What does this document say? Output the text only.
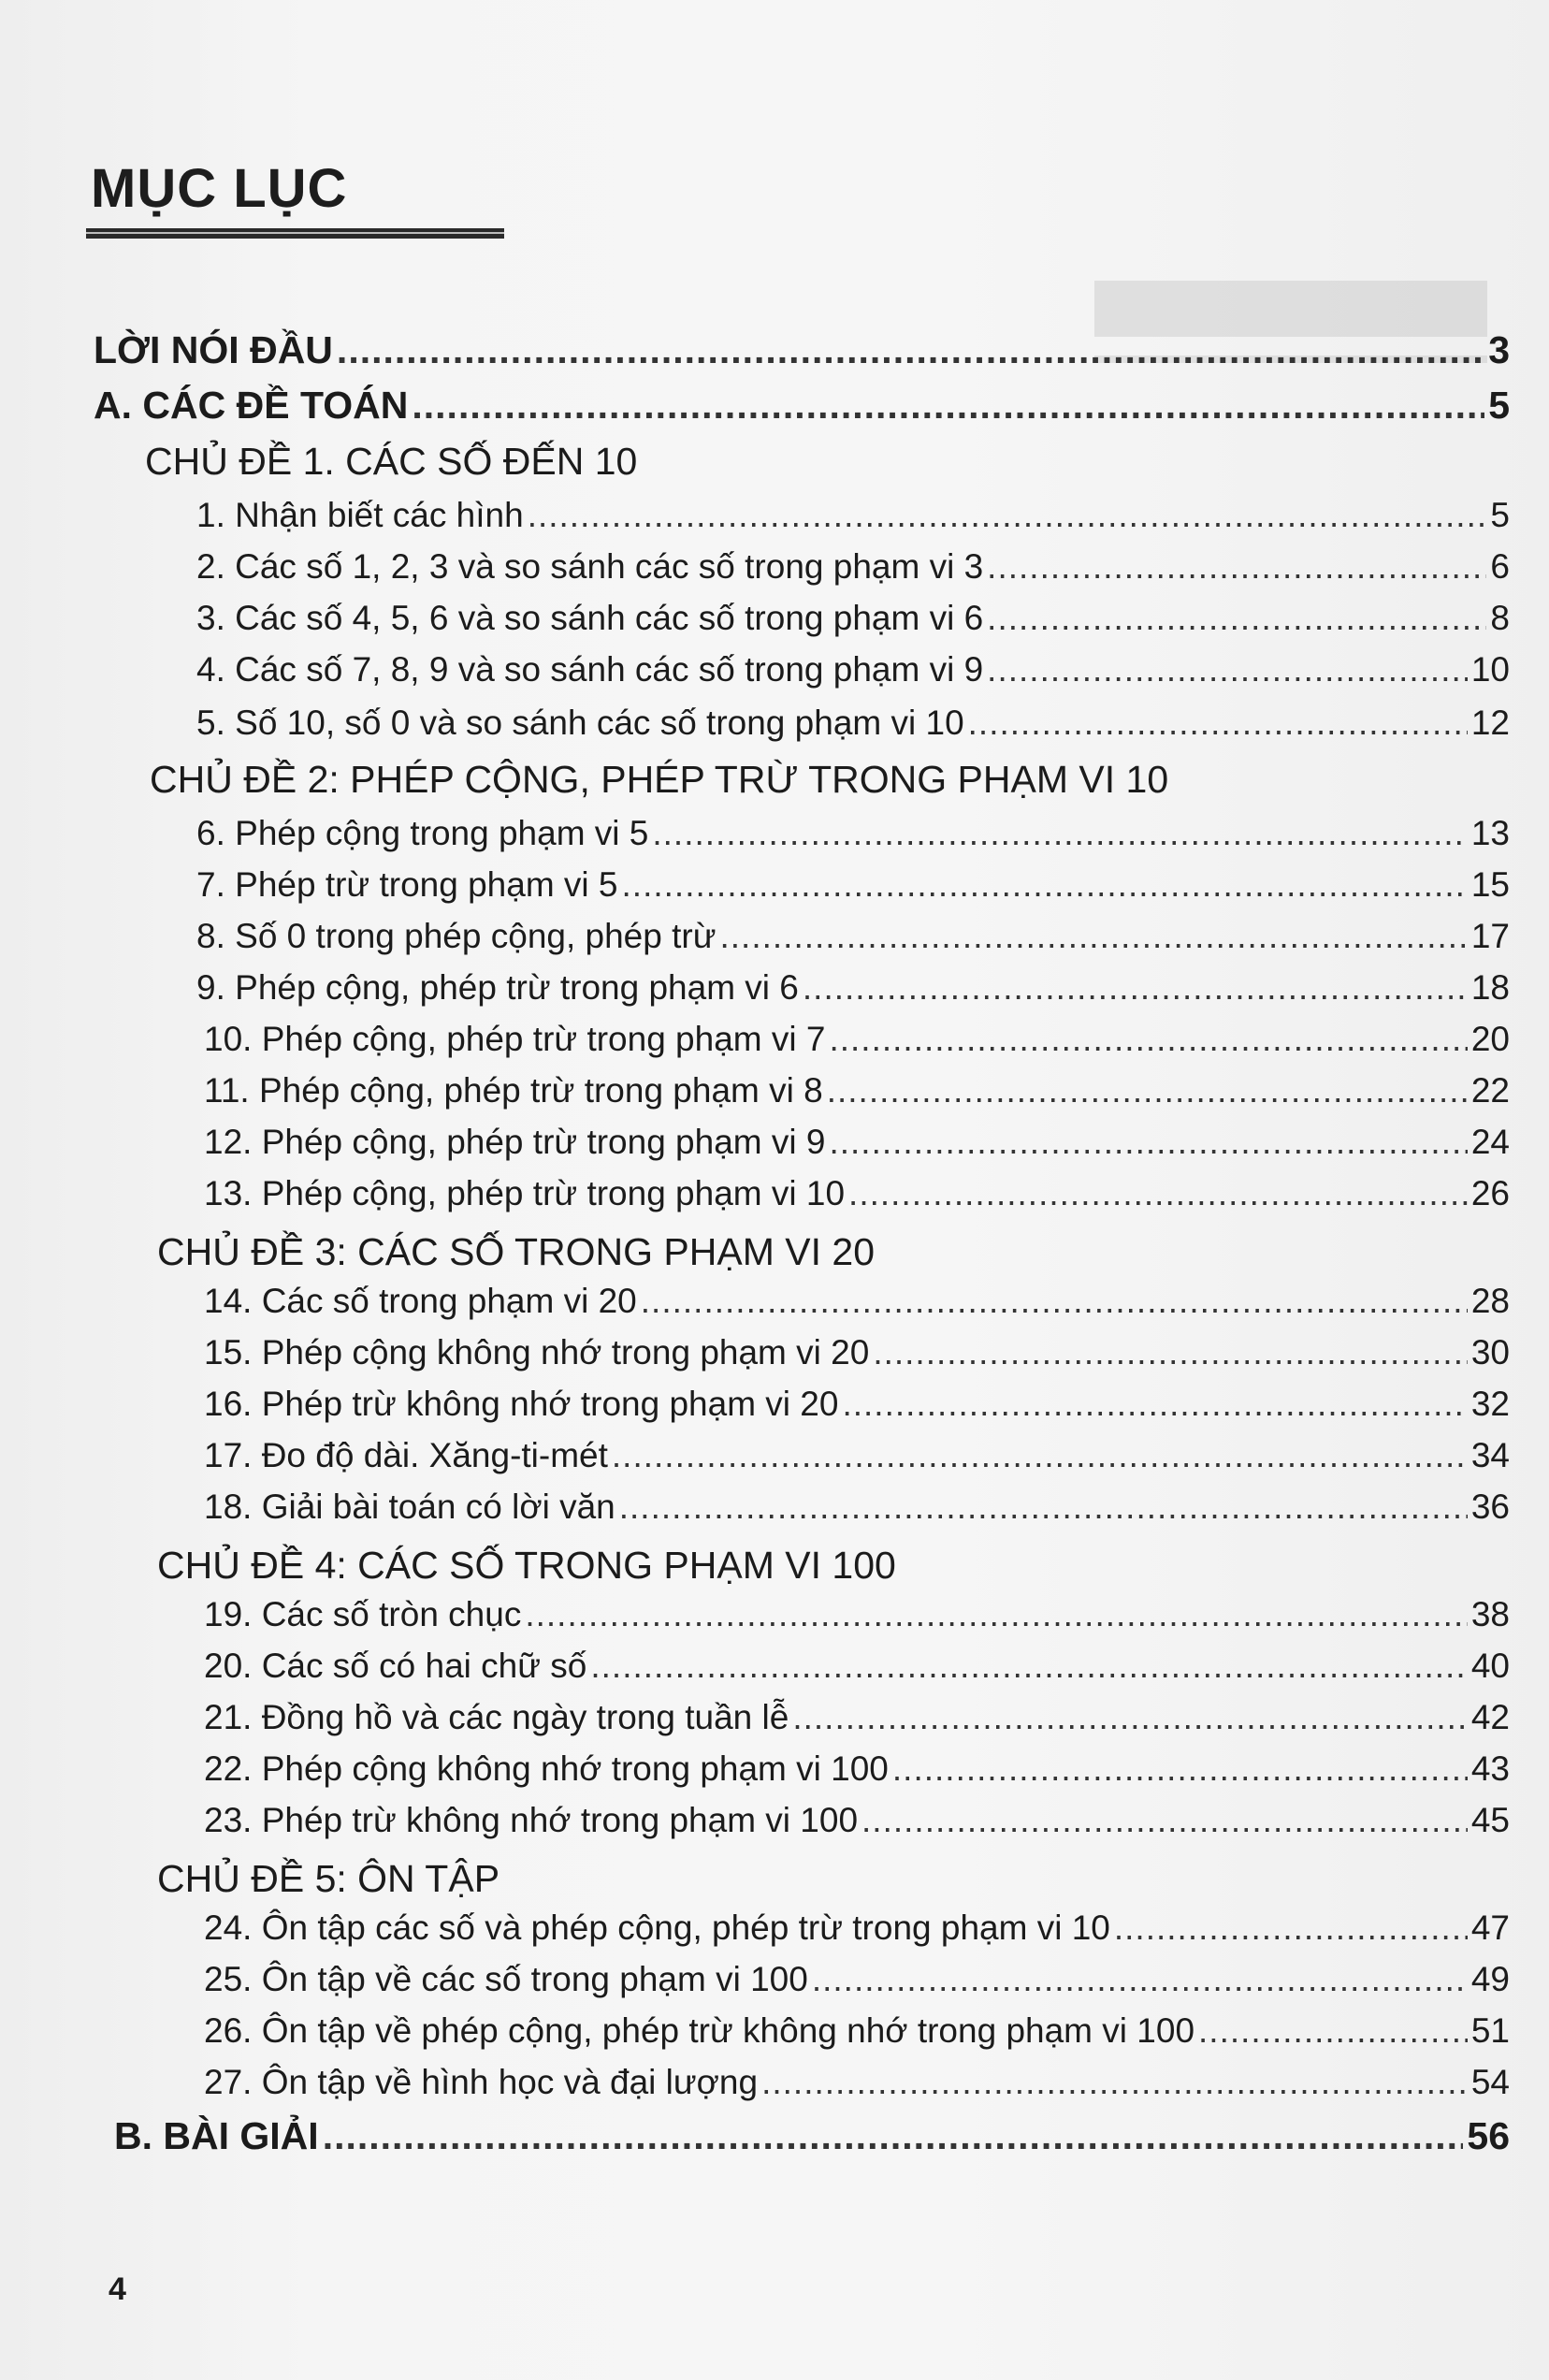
MỤC LỤC
LỜI NÓI ĐẦU .....	3
A. CÁC ĐỀ TOÁN .....	5
CHỦ ĐỀ 1. CÁC SỐ ĐẾN 10
1. Nhận biết các hình .....	5
2. Các số 1, 2, 3 và so sánh các số trong phạm vi 3 .....	6
3. Các số 4, 5, 6 và so sánh các số trong phạm vi 6 .....	8
4. Các số 7, 8, 9 và so sánh các số trong phạm vi 9 .....	10
5. Số 10, số 0 và so sánh các số trong phạm vi 10 .....	12
CHỦ ĐỀ 2: PHÉP CỘNG, PHÉP TRỪ TRONG PHẠM VI 10
6. Phép cộng trong phạm vi 5 .....	13
7. Phép trừ trong phạm vi 5 .....	15
8. Số 0 trong phép cộng, phép trừ .....	17
9. Phép cộng, phép trừ trong phạm vi 6 .....	18
10. Phép cộng, phép trừ trong phạm vi 7 .....	20
11. Phép cộng, phép trừ trong phạm vi 8 .....	22
12. Phép cộng, phép trừ trong phạm vi 9 .....	24
13. Phép cộng, phép trừ trong phạm vi 10 .....	26
CHỦ ĐỀ 3: CÁC SỐ TRONG PHẠM VI 20
14. Các số trong phạm vi 20 .....	28
15. Phép cộng không nhớ trong phạm vi 20 .....	30
16. Phép trừ không nhớ trong phạm vi 20 .....	32
17. Đo độ dài. Xăng-ti-mét .....	34
18. Giải bài toán có lời văn .....	36
CHỦ ĐỀ 4: CÁC SỐ TRONG PHẠM VI 100
19. Các số tròn chục .....	38
20. Các số có hai chữ số .....	40
21. Đồng hồ và các ngày trong tuần lễ .....	42
22. Phép cộng không nhớ trong phạm vi 100 .....	43
23. Phép trừ không nhớ trong phạm vi 100 .....	45
CHỦ ĐỀ 5: ÔN TẬP
24. Ôn tập các số và phép cộng, phép trừ trong phạm vi 10 .....	47
25. Ôn tập về các số trong phạm vi 100 .....	49
26. Ôn tập về phép cộng, phép trừ không nhớ trong phạm vi 100 .....	51
27. Ôn tập về hình học và đại lượng .....	54
B. BÀI GIẢI .....	56
4
